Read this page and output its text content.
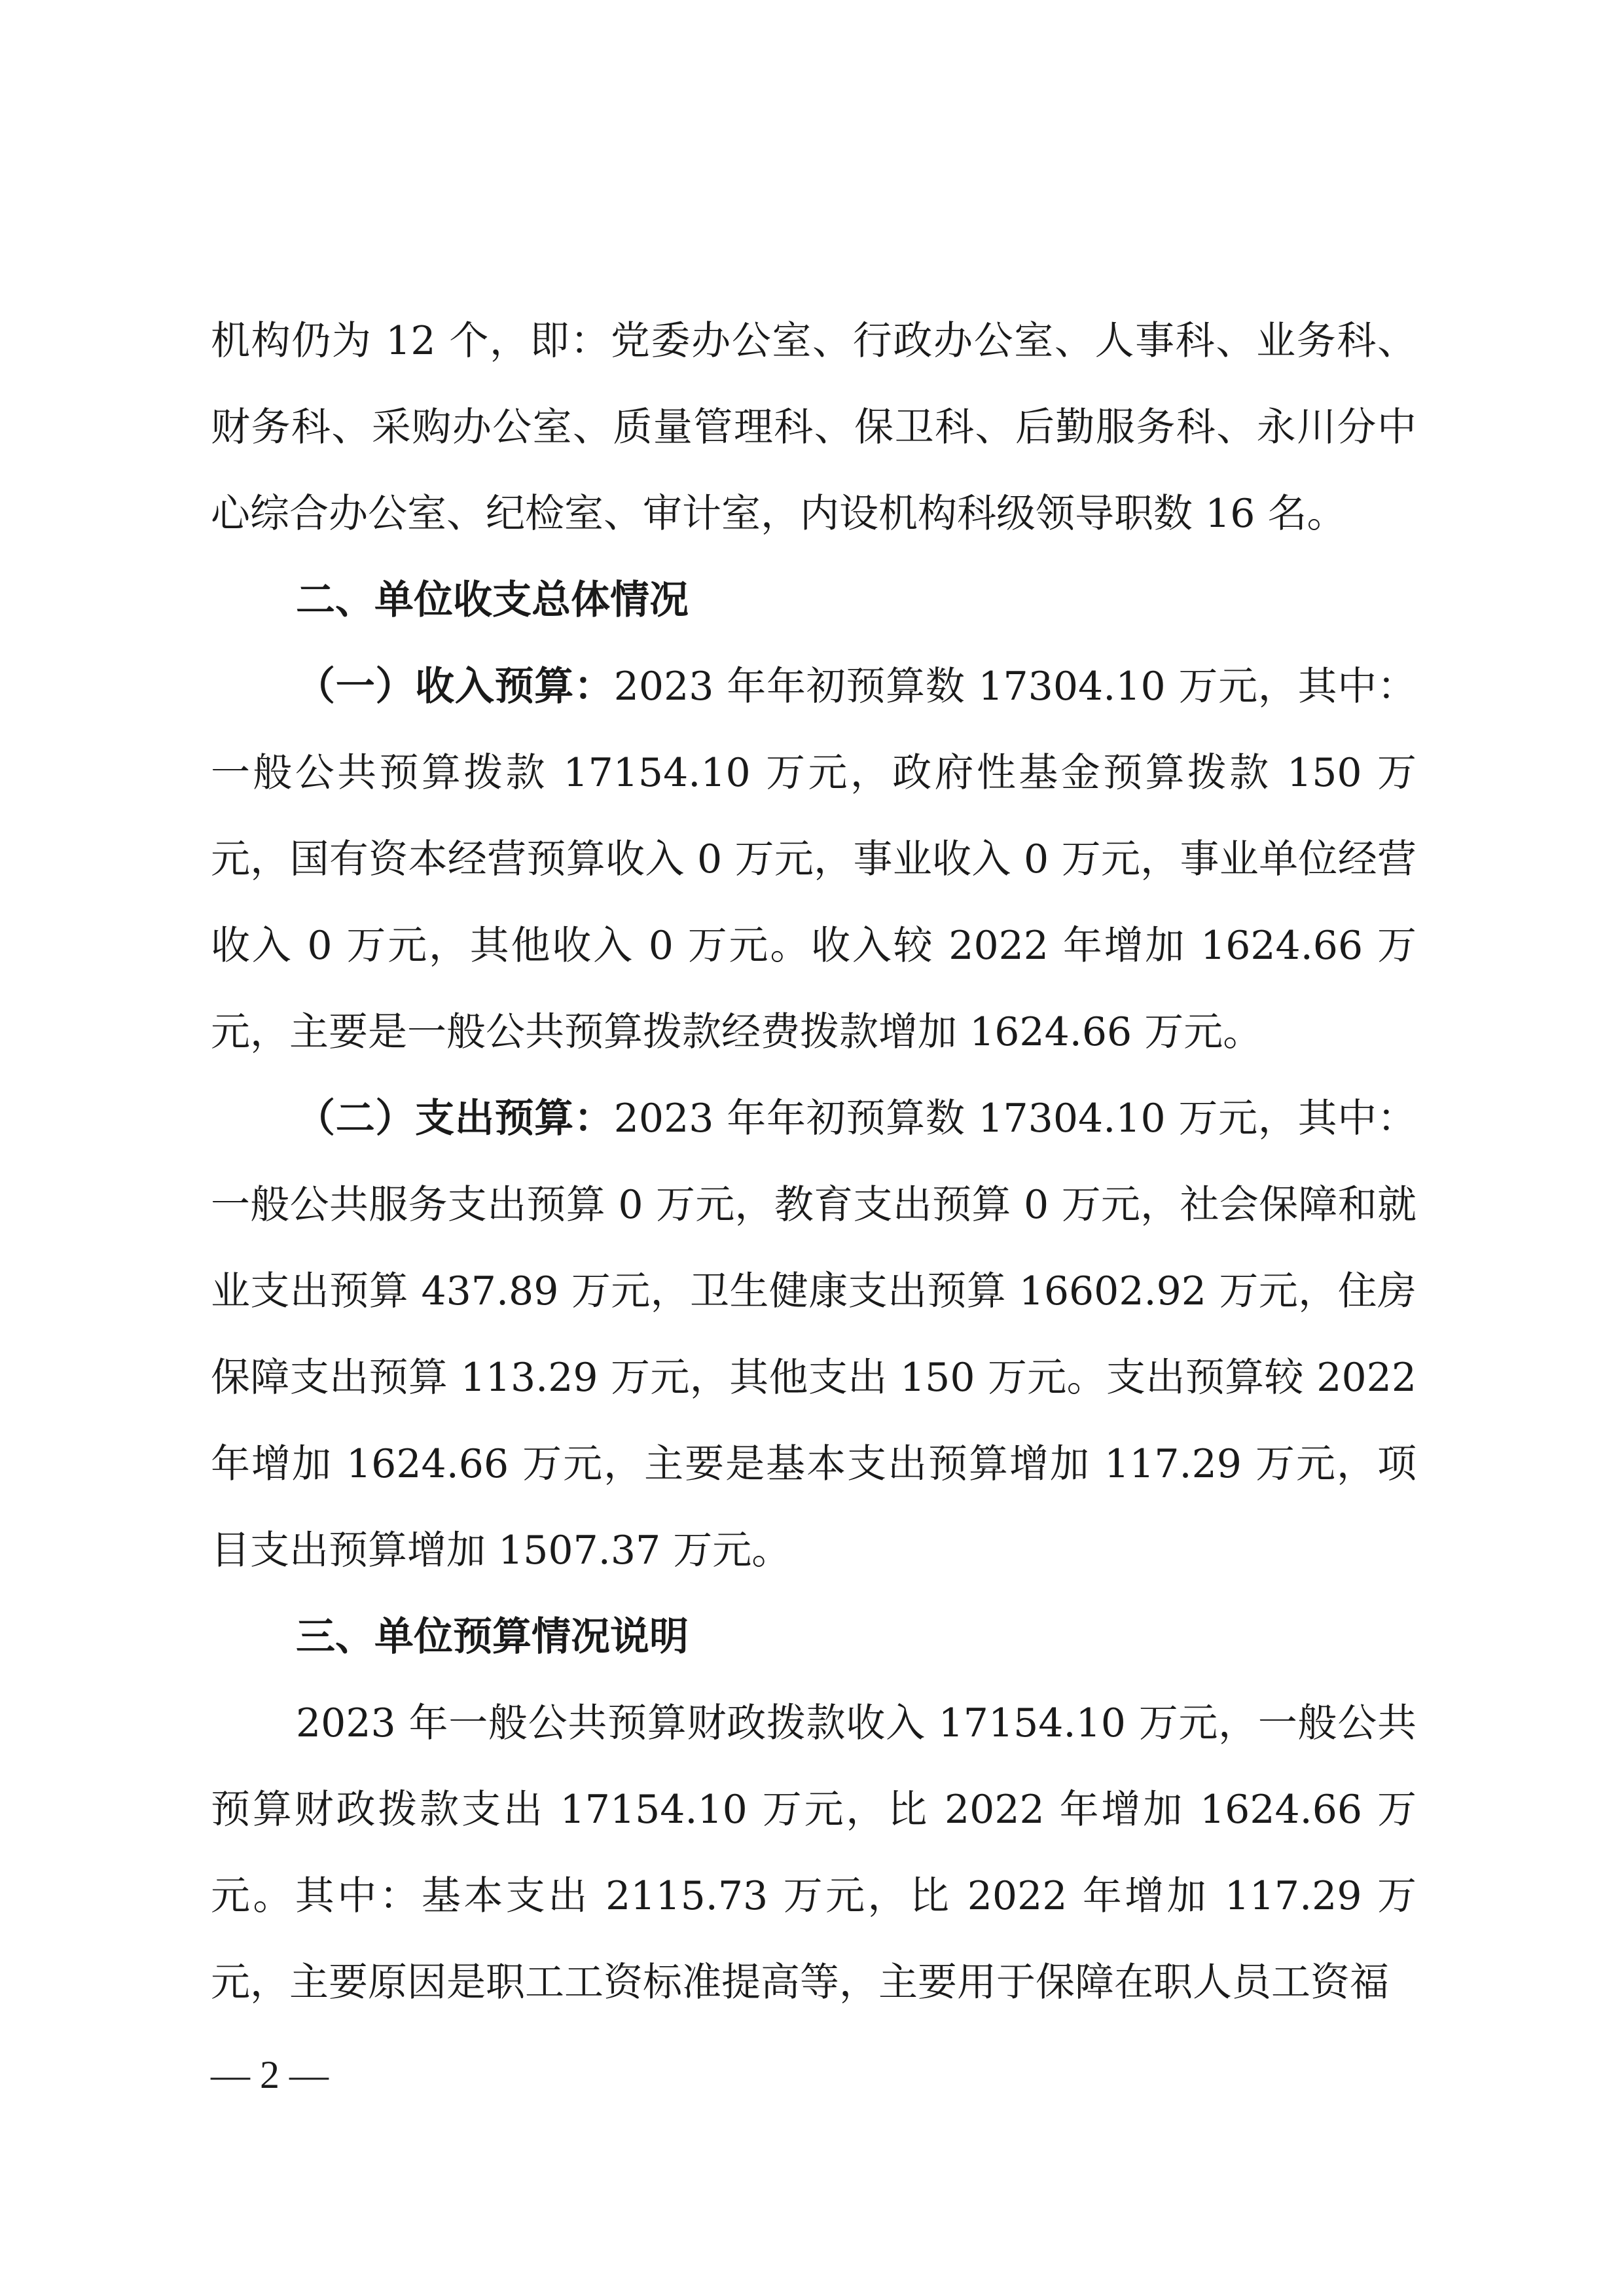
机构仍为 12 个，即：党委办公室、行政办公室、人事科、业务科、财务科、采购办公室、质量管理科、保卫科、后勤服务科、永川分中心综合办公室、纪检室、审计室，内设机构科级领导职数 16 名。

二、单位收支总体情况

（一）收入预算：2023 年年初预算数 17304.10 万元，其中：一般公共预算拨款 17154.10 万元，政府性基金预算拨款 150 万元，国有资本经营预算收入 0 万元，事业收入 0 万元，事业单位经营收入 0 万元，其他收入 0 万元。收入较 2022 年增加 1624.66 万元，主要是一般公共预算拨款经费拨款增加 1624.66 万元。

（二）支出预算：2023 年年初预算数 17304.10 万元，其中：一般公共服务支出预算 0 万元，教育支出预算 0 万元，社会保障和就业支出预算 437.89 万元，卫生健康支出预算 16602.92 万元，住房保障支出预算 113.29 万元，其他支出 150 万元。支出预算较 2022 年增加 1624.66 万元，主要是基本支出预算增加 117.29 万元，项目支出预算增加 1507.37 万元。

三、单位预算情况说明

2023 年一般公共预算财政拨款收入 17154.10 万元，一般公共预算财政拨款支出 17154.10 万元，比 2022 年增加 1624.66 万元。其中：基本支出 2115.73 万元，比 2022 年增加 117.29 万元，主要原因是职工工资标准提高等，主要用于保障在职人员工资福

— 2 —
